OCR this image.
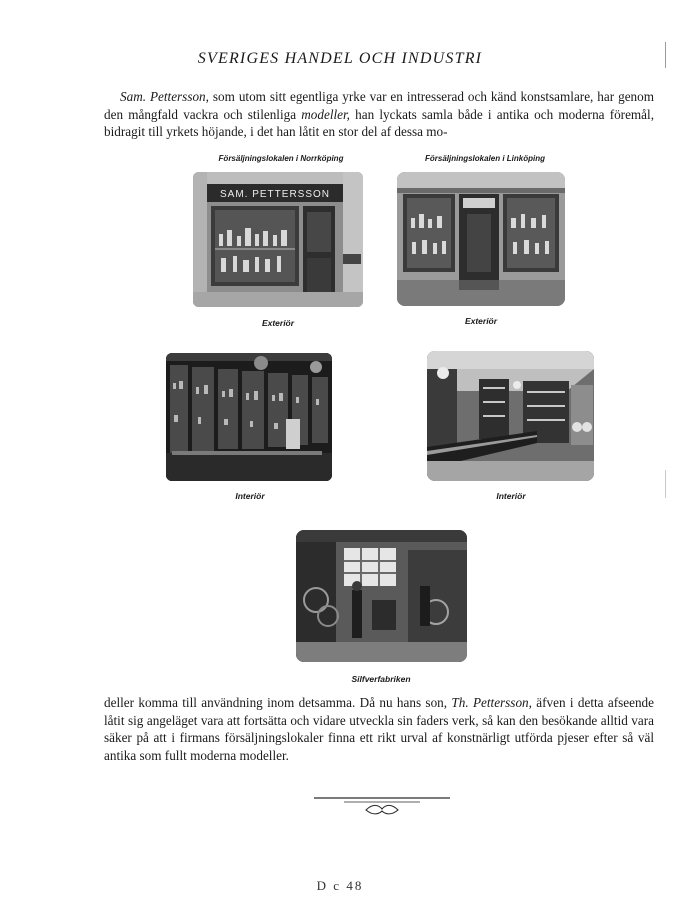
SVERIGES HANDEL OCH INDUSTRI

Sam. Pettersson, som utom sitt egentliga yrke var en intresserad och känd konstsamlare, har genom den mångfald vackra och stilenliga modeller, han lyckats samla både i antika och moderna föremål, bidragit till yrkets höjande, i det han låtit en stor del af dessa mo-

Försäljningslokalen i Norrköping	Försäljningslokalen i Linköping
SAM. PETTERSSON
Exteriör	Exteriör
Interiör	Interiör
Silfverfabriken

deller komma till användning inom detsamma. Då nu hans son, Th. Pettersson, äfven i detta afseende låtit sig angeläget vara att fortsätta och vidare utveckla sin faders verk, så kan den besökande alltid vara säker på att i firmans försäljningslokaler finna ett rikt urval af konstnärligt utförda pjeser efter så väl antika som fullt moderna modeller.

D c 48
